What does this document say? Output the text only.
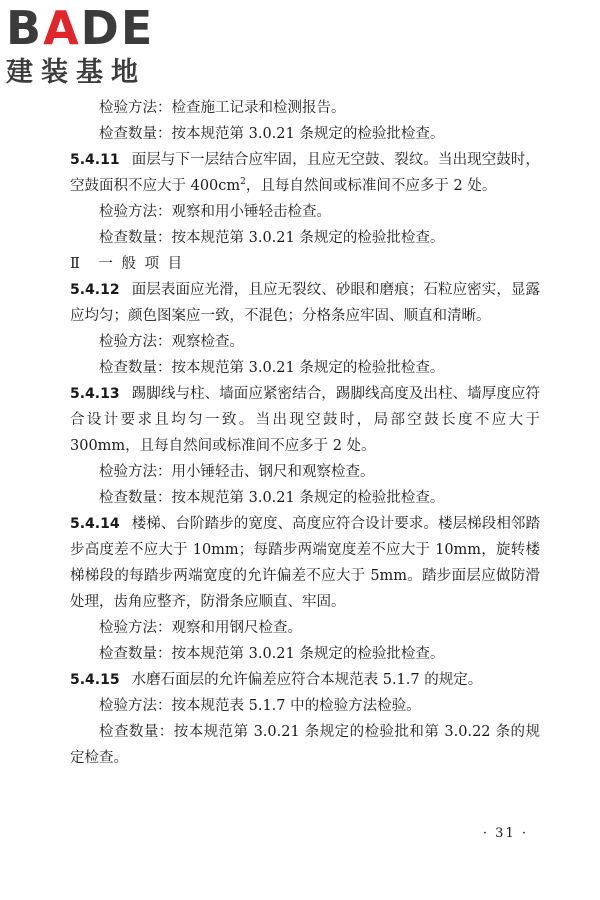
B A DE
建装基地

检验方法：检查施工记录和检测报告。

检查数量：按本规范第 3.0.21 条规定的检验批检查。

5.4.11 面层与下一层结合应牢固，且应无空鼓、裂纹。当出现空鼓时，空鼓面积不应大于 $400cm^2$，且每自然间或标准间不应多于 2 处。

检验方法：观察和用小锤轻击检查。

检查数量：按本规范第 3.0.21 条规定的检验批检查。

Ⅱ　一 般 项 目

5.4.12 面层表面应光滑，且应无裂纹、砂眼和磨痕；石粒应密实，显露应均匀；颜色图案应一致，不混色；分格条应牢固、顺直和清晰。

检验方法：观察检查。

检查数量：按本规范第 3.0.21 条规定的检验批检查。

5.4.13 踢脚线与柱、墙面应紧密结合，踢脚线高度及出柱、墙厚度应符合设计要求且均匀一致。当出现空鼓时，局部空鼓长度不应大于 300mm，且每自然间或标准间不应多于 2 处。

检验方法：用小锤轻击、钢尺和观察检查。

检查数量：按本规范第 3.0.21 条规定的检验批检查。

5.4.14 楼梯、台阶踏步的宽度、高度应符合设计要求。楼层梯段相邻踏步高度差不应大于 10mm；每踏步两端宽度差不应大于 10mm，旋转楼梯梯段的每踏步两端宽度的允许偏差不应大于 5mm。踏步面层应做防滑处理，齿角应整齐，防滑条应顺直、牢固。

检验方法：观察和用钢尺检查。

检查数量：按本规范第 3.0.21 条规定的检验批检查。

5.4.15 水磨石面层的允许偏差应符合本规范表 5.1.7 的规定。

检验方法：按本规范表 5.1.7 中的检验方法检验。

检查数量：按本规范第 3.0.21 条规定的检验批和第 3.0.22 条的规定检查。

· 31 ·
